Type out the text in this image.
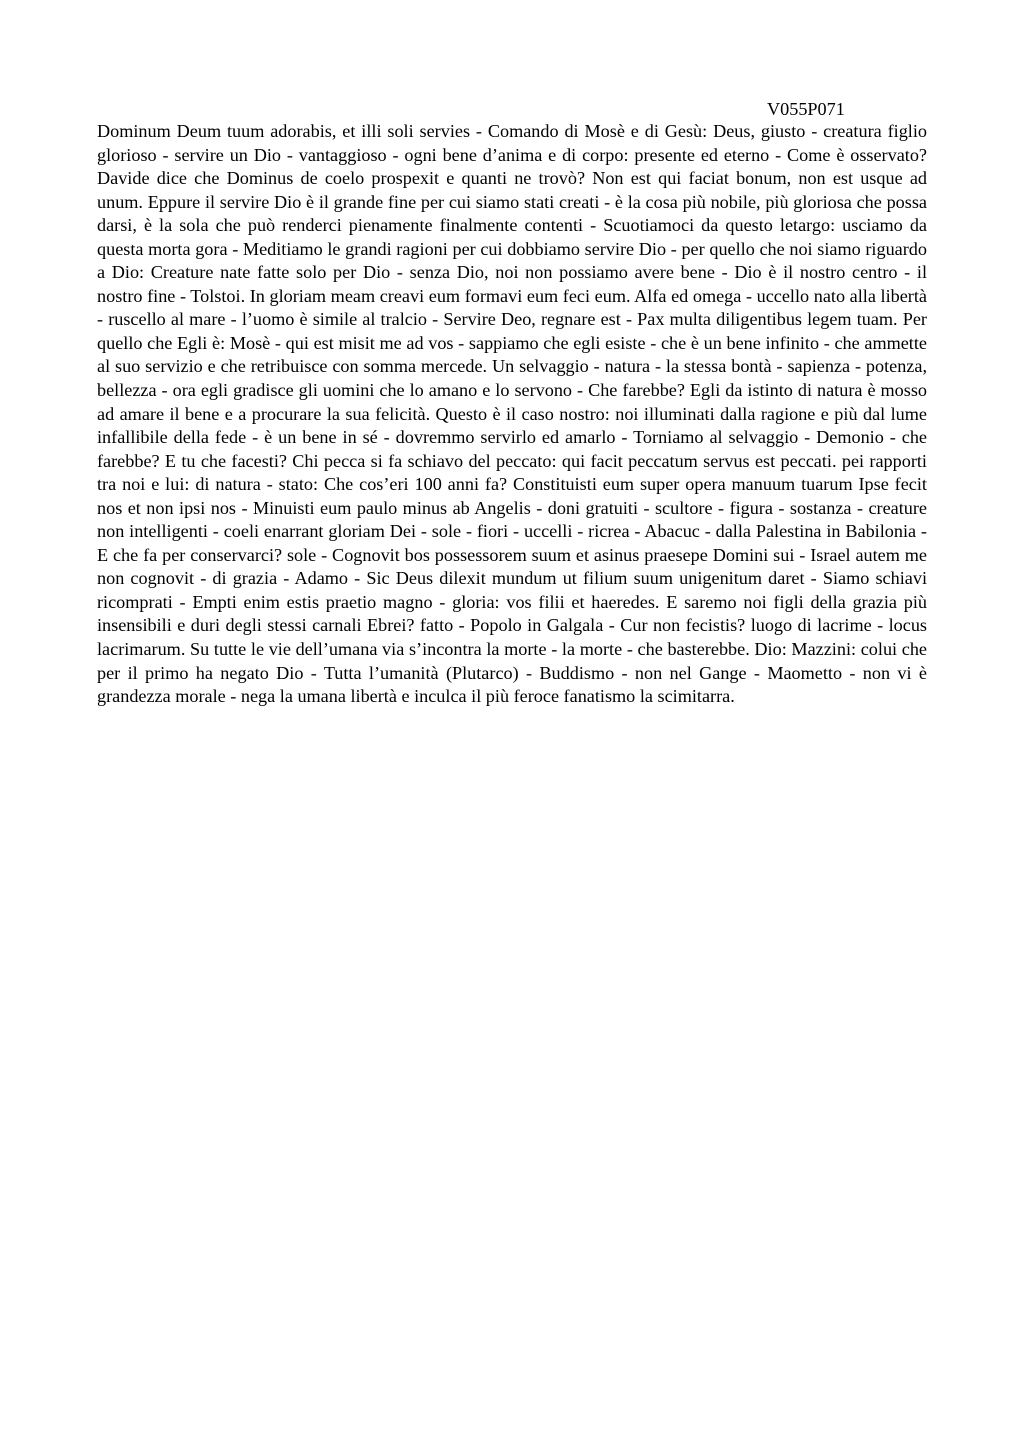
V055P071

Dominum Deum tuum adorabis, et illi soli servies - Comando di Mosè e di Gesù: Deus, giusto - creatura figlio glorioso - servire un Dio - vantaggioso - ogni bene d’anima e di corpo: presente ed eterno - Come è osservato? Davide dice che Dominus de coelo prospexit e quanti ne trovò? Non est qui faciat bonum, non est usque ad unum. Eppure il servire Dio è il grande fine per cui siamo stati creati - è la cosa più nobile, più gloriosa che possa darsi, è la sola che può renderci pienamente finalmente contenti - Scuotiamoci da questo letargo: usciamo da questa morta gora - Meditiamo le grandi ragioni per cui dobbiamo servire Dio - per quello che noi siamo riguardo a Dio: Creature nate fatte solo per Dio - senza Dio, noi non possiamo avere bene - Dio è il nostro centro - il nostro fine - Tolstoi. In gloriam meam creavi eum formavi eum feci eum. Alfa ed omega - uccello nato alla libertà - ruscello al mare - l’uomo è simile al tralcio - Servire Deo, regnare est - Pax multa diligentibus legem tuam. Per quello che Egli è: Mosè - qui est misit me ad vos - sappiamo che egli esiste - che è un bene infinito - che ammette al suo servizio e che retribuisce con somma mercede. Un selvaggio - natura - la stessa bontà - sapienza - potenza, bellezza - ora egli gradisce gli uomini che lo amano e lo servono - Che farebbe? Egli da istinto di natura è mosso ad amare il bene e a procurare la sua felicità. Questo è il caso nostro: noi illuminati dalla ragione e più dal lume infallibile della fede - è un bene in sé - dovremmo servirlo ed amarlo - Torniamo al selvaggio - Demonio - che farebbe? E tu che facesti? Chi pecca si fa schiavo del peccato: qui facit peccatum servus est peccati. pei rapporti tra noi e lui: di natura - stato: Che cos’eri 100 anni fa? Constituisti eum super opera manuum tuarum Ipse fecit nos et non ipsi nos - Minuisti eum paulo minus ab Angelis - doni gratuiti - scultore - figura - sostanza - creature non intelligenti - coeli enarrant gloriam Dei - sole - fiori - uccelli - ricrea - Abacuc - dalla Palestina in Babilonia - E che fa per conservarci? sole - Cognovit bos possessorem suum et asinus praesepe Domini sui - Israel autem me non cognovit - di grazia - Adamo - Sic Deus dilexit mundum ut filium suum unigenitum daret - Siamo schiavi ricomprati - Empti enim estis praetio magno - gloria: vos filii et haeredes. E saremo noi figli della grazia più insensibili e duri degli stessi carnali Ebrei? fatto - Popolo in Galgala - Cur non fecistis? luogo di lacrime - locus lacrimarum. Su tutte le vie dell’umana via s’incontra la morte - la morte - che basterebbe. Dio: Mazzini: colui che per il primo ha negato Dio - Tutta l’umanità (Plutarco) - Buddismo - non nel Gange - Maometto - non vi è grandezza morale - nega la umana libertà e inculca il più feroce fanatismo la scimitarra.
